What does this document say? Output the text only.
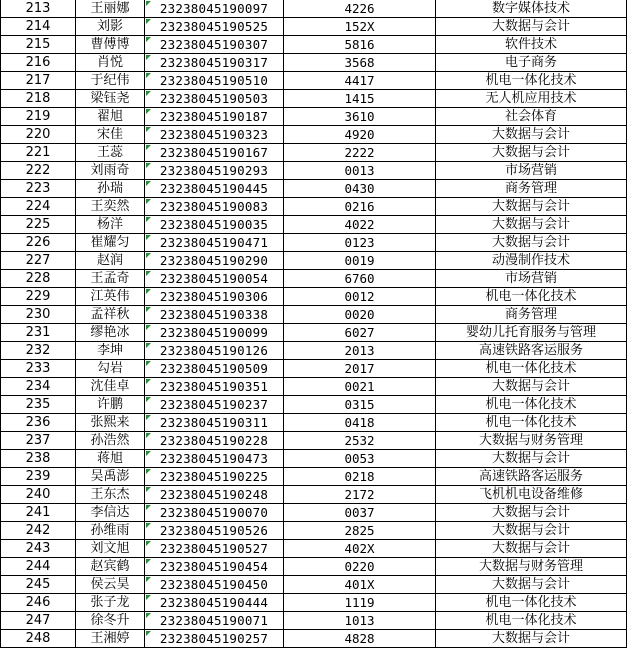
213	王丽娜	23238045190097	4226	数字媒体技术
214	刘影	23238045190525	152X	大数据与会计
215	曹傅博	23238045190307	5816	软件技术
216	肖悦	23238045190317	3568	电子商务
217	于纪伟	23238045190510	4417	机电一体化技术
218	梁钰尧	23238045190503	1415	无人机应用技术
219	翟旭	23238045190187	3610	社会体育
220	宋佳	23238045190323	4920	大数据与会计
221	王蕊	23238045190167	2222	大数据与会计
222	刘雨奇	23238045190293	0013	市场营销
223	孙瑞	23238045190445	0430	商务管理
224	王奕然	23238045190083	0216	大数据与会计
225	杨洋	23238045190035	4022	大数据与会计
226	崔耀匀	23238045190471	0123	大数据与会计
227	赵润	23238045190290	0019	动漫制作技术
228	王孟奇	23238045190054	6760	市场营销
229	江英伟	23238045190306	0012	机电一体化技术
230	孟祥秋	23238045190338	0020	商务管理
231	缪艳冰	23238045190099	6027	婴幼儿托育服务与管理
232	李坤	23238045190126	2013	高速铁路客运服务
233	勾岩	23238045190509	2017	机电一体化技术
234	沈佳卓	23238045190351	0021	大数据与会计
235	许鹏	23238045190237	0315	机电一体化技术
236	张熙来	23238045190311	0418	机电一体化技术
237	孙浩然	23238045190228	2532	大数据与财务管理
238	蒋旭	23238045190473	0053	大数据与会计
239	吴禹澎	23238045190225	0218	高速铁路客运服务
240	王东杰	23238045190248	2172	飞机机电设备维修
241	李信达	23238045190070	0037	大数据与会计
242	孙维雨	23238045190526	2825	大数据与会计
243	刘文旭	23238045190527	402X	大数据与会计
244	赵宾鹤	23238045190454	0220	大数据与财务管理
245	侯云昊	23238045190450	401X	大数据与会计
246	张子龙	23238045190444	1119	机电一体化技术
247	徐冬升	23238045190071	1013	机电一体化技术
248	王湘婷	23238045190257	4828	大数据与会计
